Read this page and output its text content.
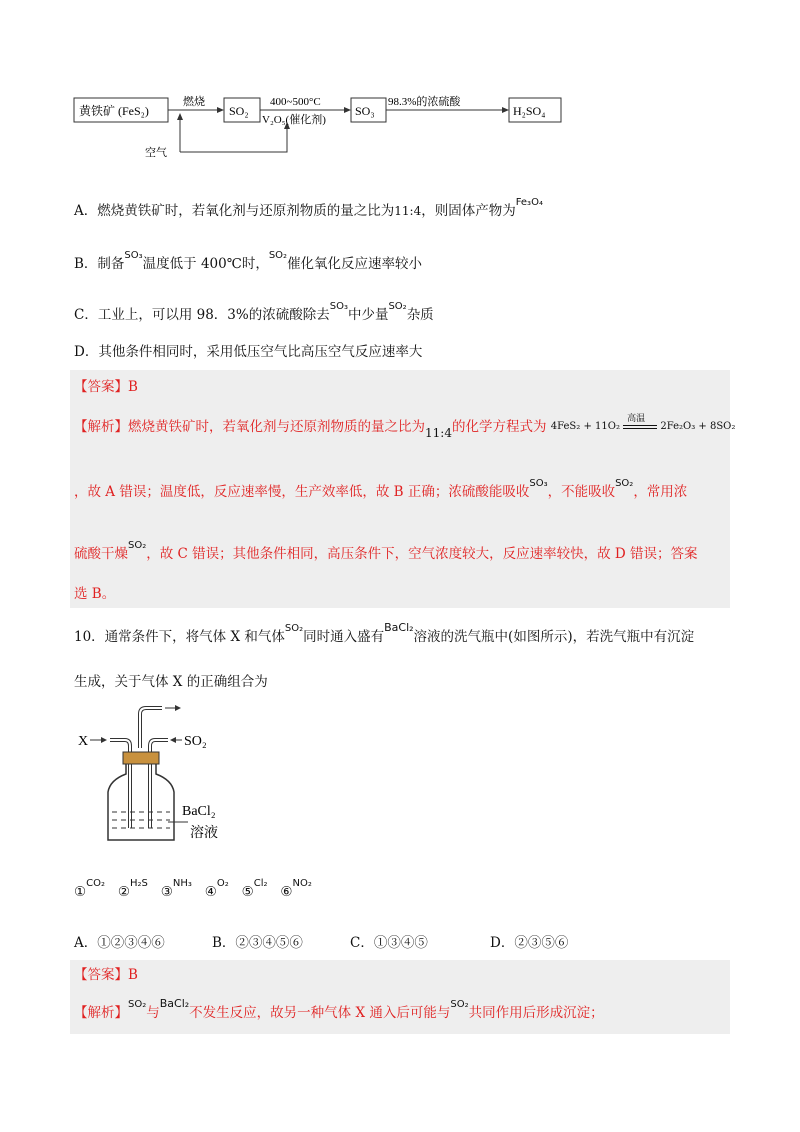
黄铁矿 (FeS₂)	SO₂	SO₃	H₂SO₄
燃烧	400~500°C
V₂O₅(催化剂)
98.3%的浓硫酸
空气
A．燃烧黄铁矿时，若氧化剂与还原剂物质的量之比为11:4，则固体产物为$^{Fe_3O_4}$
B．制备$^{SO_3}$温度低于 400℃时，$^{SO_2}$催化氧化反应速率较小
C．工业上，可以用 98．3%的浓硫酸除去$^{SO_3}$中少量$^{SO_2}$杂质
D．其他条件相同时，采用低压空气比高压空气反应速率大
【答案】B
【解析】燃烧黄铁矿时，若氧化剂与还原剂物质的量之比为11:4的化学方程式为 4FeS₂ + 11O₂
高温
2Fe₂O₃ + 8SO₂
，故 A 错误；温度低，反应速率慢，生产效率低，故 B 正确；浓硫酸能吸收$^{SO_3}$，不能吸收$^{SO_2}$，常用浓
硫酸干燥$^{SO_2}$，故 C 错误；其他条件相同，高压条件下，空气浓度较大，反应速率较快，故 D 错误；答案
选 B。
10．通常条件下，将气体 X 和气体$^{SO_2}$同时通入盛有$^{BaCl_2}$溶液的洗气瓶中(如图所示)，若洗气瓶中有沉淀
生成，关于气体 X 的正确组合为
X	SO₂
BaCl₂
溶液
①$^{CO_2}$   ②$^{H_2S}$   ③$^{NH_3}$   ④$^{O_2}$   ⑤$^{Cl_2}$   ⑥$^{NO_2}$
A．①②③④⑥	B．②③④⑤⑥	C．①③④⑤	D．②③⑤⑥
【答案】B
【解析】$^{SO_2}$与$^{BaCl_2}$不发生反应，故另一种气体 X 通入后可能与$^{SO_2}$共同作用后形成沉淀；
